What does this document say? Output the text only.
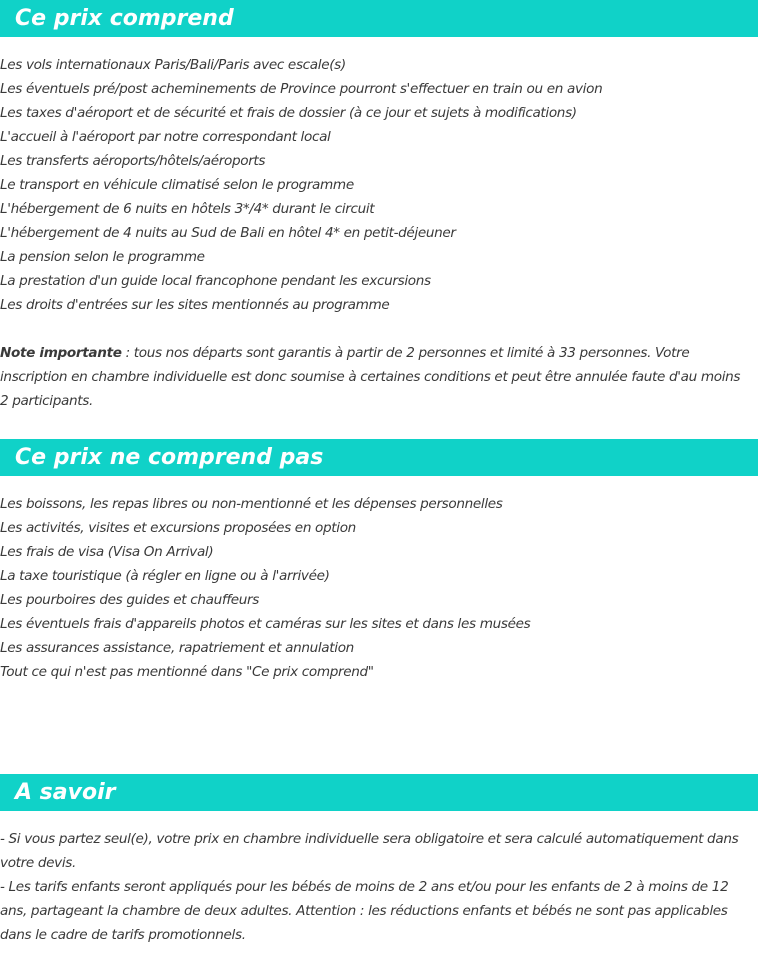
Ce prix comprend
Les vols internationaux Paris/Bali/Paris avec escale(s)
Les éventuels pré/post acheminements de Province pourront s'effectuer en train ou en avion
Les taxes d'aéroport et de sécurité et frais de dossier (à ce jour et sujets à modifications)
L'accueil à l'aéroport par notre correspondant local
Les transferts aéroports/hôtels/aéroports
Le transport en véhicule climatisé selon le programme
L'hébergement de 6 nuits en hôtels 3*/4* durant le circuit
L'hébergement de 4 nuits au Sud de Bali en hôtel 4* en petit-déjeuner
La pension selon le programme
La prestation d'un guide local francophone pendant les excursions
Les droits d'entrées sur les sites mentionnés au programme
Note importante : tous nos départs sont garantis à partir de 2 personnes et limité à 33 personnes. Votre inscription en chambre individuelle est donc soumise à certaines conditions et peut être annulée faute d'au moins 2 participants.
Ce prix ne comprend pas
Les boissons, les repas libres ou non-mentionné et les dépenses personnelles
Les activités, visites et excursions proposées en option
Les frais de visa (Visa On Arrival)
La taxe touristique (à régler en ligne ou à l'arrivée)
Les pourboires des guides et chauffeurs
Les éventuels frais d'appareils photos et caméras sur les sites et dans les musées
Les assurances assistance, rapatriement et annulation
Tout ce qui n'est pas mentionné dans "Ce prix comprend"
A savoir
- Si vous partez seul(e), votre prix en chambre individuelle sera obligatoire et sera calculé automatiquement dans votre devis.
- Les tarifs enfants seront appliqués pour les bébés de moins de 2 ans et/ou pour les enfants de 2 à moins de 12 ans, partageant la chambre de deux adultes. Attention : les réductions enfants et bébés ne sont pas applicables dans le cadre de tarifs promotionnels.
